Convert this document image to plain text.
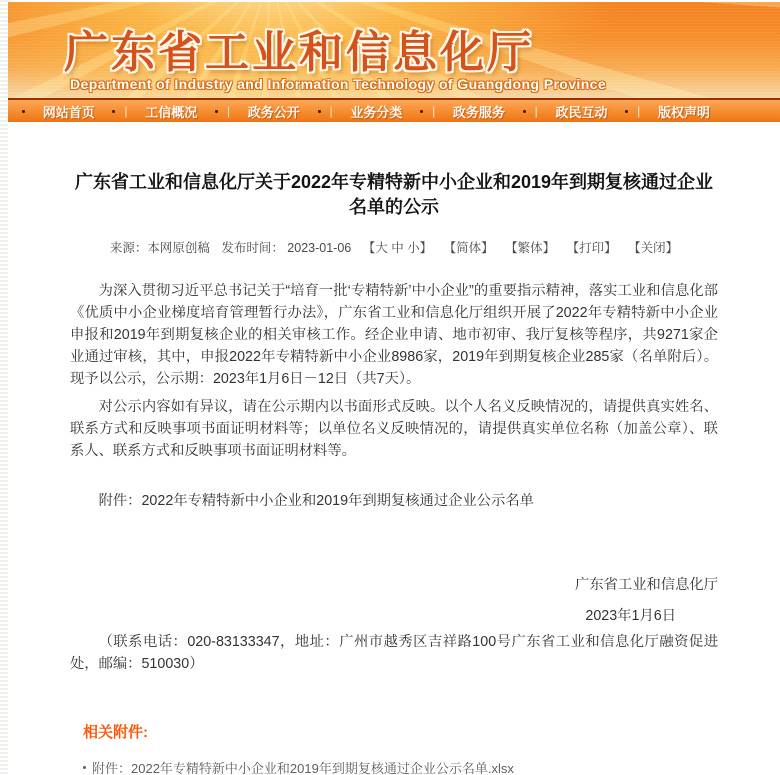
广东省工业和信息化厅
Department of Industry and Information Technology of Guangdong Province
网站首页 | 工信概况 | 政务公开 | 业务分类 | 政务服务 | 政民互动 | 版权声明
广东省工业和信息化厅关于2022年专精特新中小企业和2019年到期复核通过企业名单的公示
来源：本网原创稿 发布时间： 2023-01-06 【大 中 小】 【简体】 【繁体】 【打印】 【关闭】

为深入贯彻习近平总书记关于“培育一批‘专精特新’中小企业”的重要指示精神，落实工业和信息化部《优质中小企业梯度培育管理暂行办法》，广东省工业和信息化厅组织开展了2022年专精特新中小企业申报和2019年到期复核企业的相关审核工作。经企业申请、地市初审、我厅复核等程序，共9271家企业通过审核，其中，申报2022年专精特新中小企业8986家，2019年到期复核企业285家（名单附后）。现予以公示，公示期：2023年1月6日－12日（共7天）。

对公示内容如有异议，请在公示期内以书面形式反映。以个人名义反映情况的，请提供真实姓名、联系方式和反映事项书面证明材料等；以单位名义反映情况的，请提供真实单位名称（加盖公章）、联系人、联系方式和反映事项书面证明材料等。

附件：2022年专精特新中小企业和2019年到期复核通过企业公示名单

广东省工业和信息化厅
2023年1月6日

（联系电话：020-83133347，地址：广州市越秀区吉祥路100号广东省工业和信息化厅融资促进处，邮编：510030）

相关附件:
附件：2022年专精特新中小企业和2019年到期复核通过企业公示名单.xlsx
